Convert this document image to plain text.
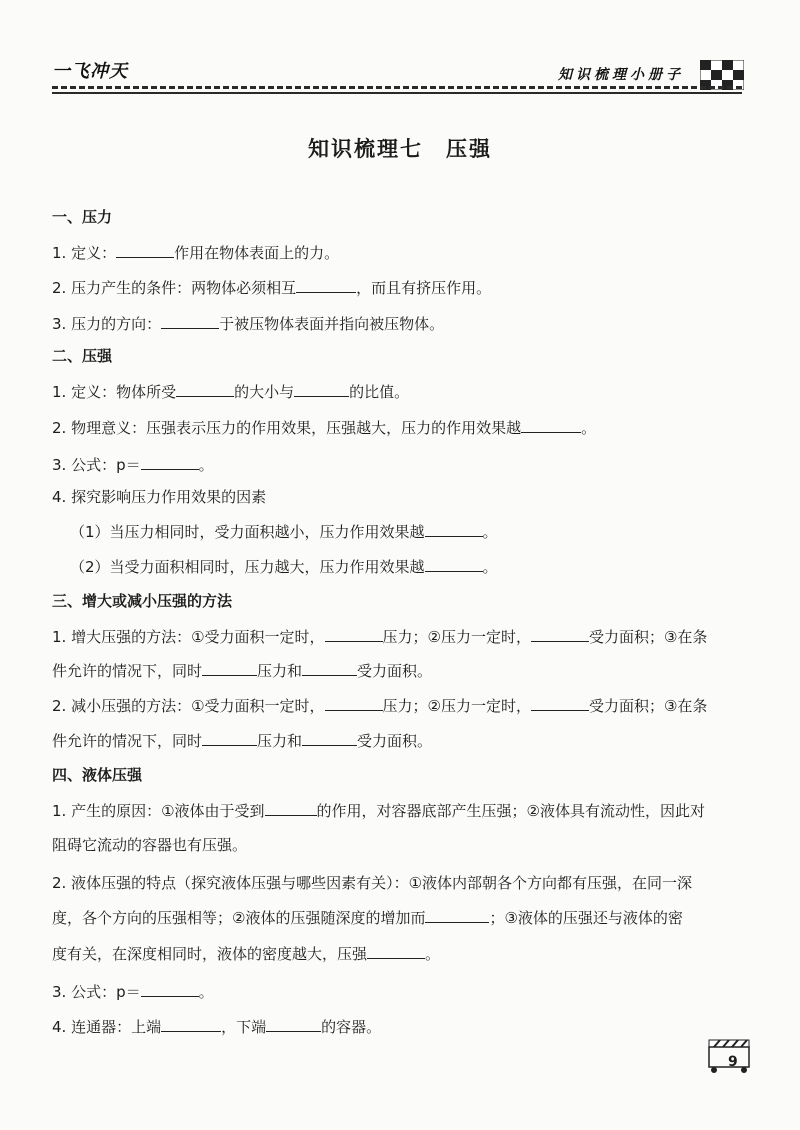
一飞冲天	知识梳理小册子
知识梳理七　压强
一、压力
1. 定义：	作用在物体表面上的力。
2. 压力产生的条件：两物体必须相互	，而且有挤压作用。
3. 压力的方向：	于被压物体表面并指向被压物体。
二、压强
1. 定义：物体所受	的大小与	的比值。
2. 物理意义：压强表示压力的作用效果，压强越大，压力的作用效果越	。
3. 公式：p＝	。
4. 探究影响压力作用效果的因素
（1）当压力相同时，受力面积越小，压力作用效果越	。
（2）当受力面积相同时，压力越大，压力作用效果越	。
三、增大或减小压强的方法
1. 增大压强的方法：①受力面积一定时，	压力；②压力一定时，	受力面积；③在条
件允许的情况下，同时	压力和	受力面积。
2. 减小压强的方法：①受力面积一定时，	压力；②压力一定时，	受力面积；③在条
件允许的情况下，同时	压力和	受力面积。
四、液体压强
1. 产生的原因：①液体由于受到	的作用，对容器底部产生压强；②液体具有流动性，因此对
阻碍它流动的容器也有压强。
2. 液体压强的特点（探究液体压强与哪些因素有关）：①液体内部朝各个方向都有压强，在同一深
度，各个方向的压强相等；②液体的压强随深度的增加而	；③液体的压强还与液体的密
度有关，在深度相同时，液体的密度越大，压强	。
3. 公式：p＝	。
4. 连通器：上端	，下端	的容器。
9
